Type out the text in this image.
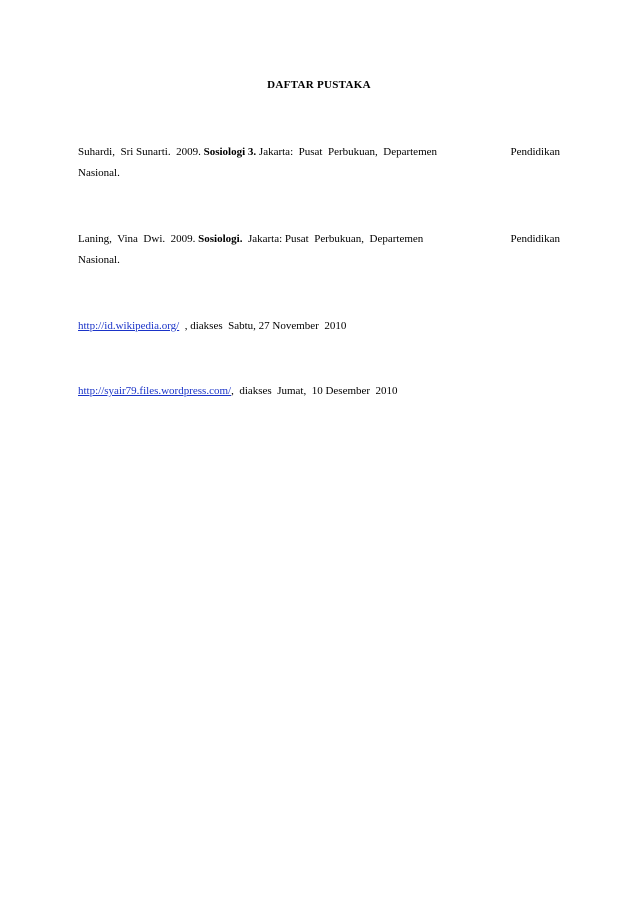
DAFTAR PUSTAKA
Suhardi,  Sri Sunarti.  2009. Sosiologi 3. Jakarta:  Pusat  Perbukuan,  Departemen	Pendidikan
Nasional.
Laning,  Vina  Dwi.  2009. Sosiologi.  Jakarta: Pusat  Perbukuan,  Departemen	Pendidikan
Nasional.
http://id.wikipedia.org/  , diakses  Sabtu, 27 November  2010
http://syair79.files.wordpress.com/,  diakses  Jumat,  10 Desember  2010
